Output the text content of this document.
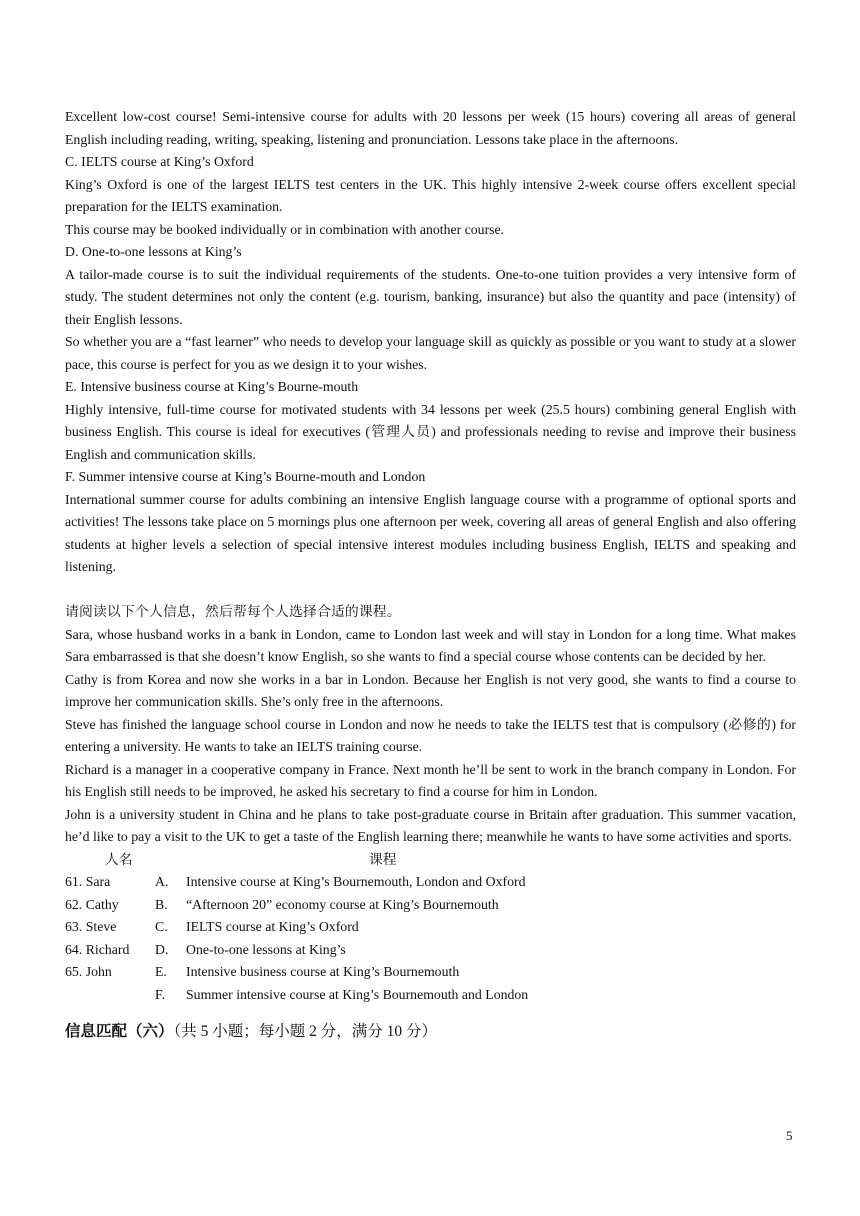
Excellent low-cost course! Semi-intensive course for adults with 20 lessons per week (15 hours) covering all areas of general English including reading, writing, speaking, listening and pronunciation. Lessons take place in the afternoons.

C. IELTS course at King’s Oxford

King’s Oxford is one of the largest IELTS test centers in the UK. This highly intensive 2-week course offers excellent special preparation for the IELTS examination.

This course may be booked individually or in combination with another course.

D. One-to-one lessons at King’s

A tailor-made course is to suit the individual requirements of the students. One-to-one tuition provides a very intensive form of study. The student determines not only the content (e.g. tourism, banking, insurance) but also the quantity and pace (intensity) of their English lessons.

So whether you are a “fast learner” who needs to develop your language skill as quickly as possible or you want to study at a slower pace, this course is perfect for you as we design it to your wishes.

E. Intensive business course at King’s Bourne-mouth

Highly intensive, full-time course for motivated students with 34 lessons per week (25.5 hours) combining general English with business English. This course is ideal for executives (管理人员) and professionals needing to revise and improve their business English and communication skills.

F. Summer intensive course at King’s Bourne-mouth and London

International summer course for adults combining an intensive English language course with a programme of optional sports and activities! The lessons take place on 5 mornings plus one afternoon per week, covering all areas of general English and also offering students at higher levels a selection of special intensive interest modules including business English, IELTS and speaking and listening.

请阅读以下个人信息，然后帮每个人选择合适的课程。

Sara, whose husband works in a bank in London, came to London last week and will stay in London for a long time. What makes Sara embarrassed is that she doesn’t know English, so she wants to find a special course whose contents can be decided by her.

Cathy is from Korea and now she works in a bar in London. Because her English is not very good, she wants to find a course to improve her communication skills. She’s only free in the afternoons.

Steve has finished the language school course in London and now he needs to take the IELTS test that is compulsory (必修的) for entering a university. He wants to take an IELTS training course.

Richard is a manager in a cooperative company in France. Next month he’ll be sent to work in the branch company in London. For his English still needs to be improved, he asked his secretary to find a course for him in London.

John is a university student in China and he plans to take post-graduate course in Britain after graduation. This summer vacation, he’d like to pay a visit to the UK to get a taste of the English learning there; meanwhile he wants to have some activities and sports.

人名	课程
61. Sara	A. Intensive course at King’s Bournemouth, London and Oxford
62. Cathy	B. “Afternoon 20” economy course at King’s Bournemouth
63. Steve	C. IELTS course at King’s Oxford
64. Richard D. One-to-one lessons at King’s
65. John	E. Intensive business course at King’s Bournemouth
F. Summer intensive course at King’s Bournemouth and London
信息匹配（六）（共 5 小题；每小题 2 分，满分 10 分）
5
